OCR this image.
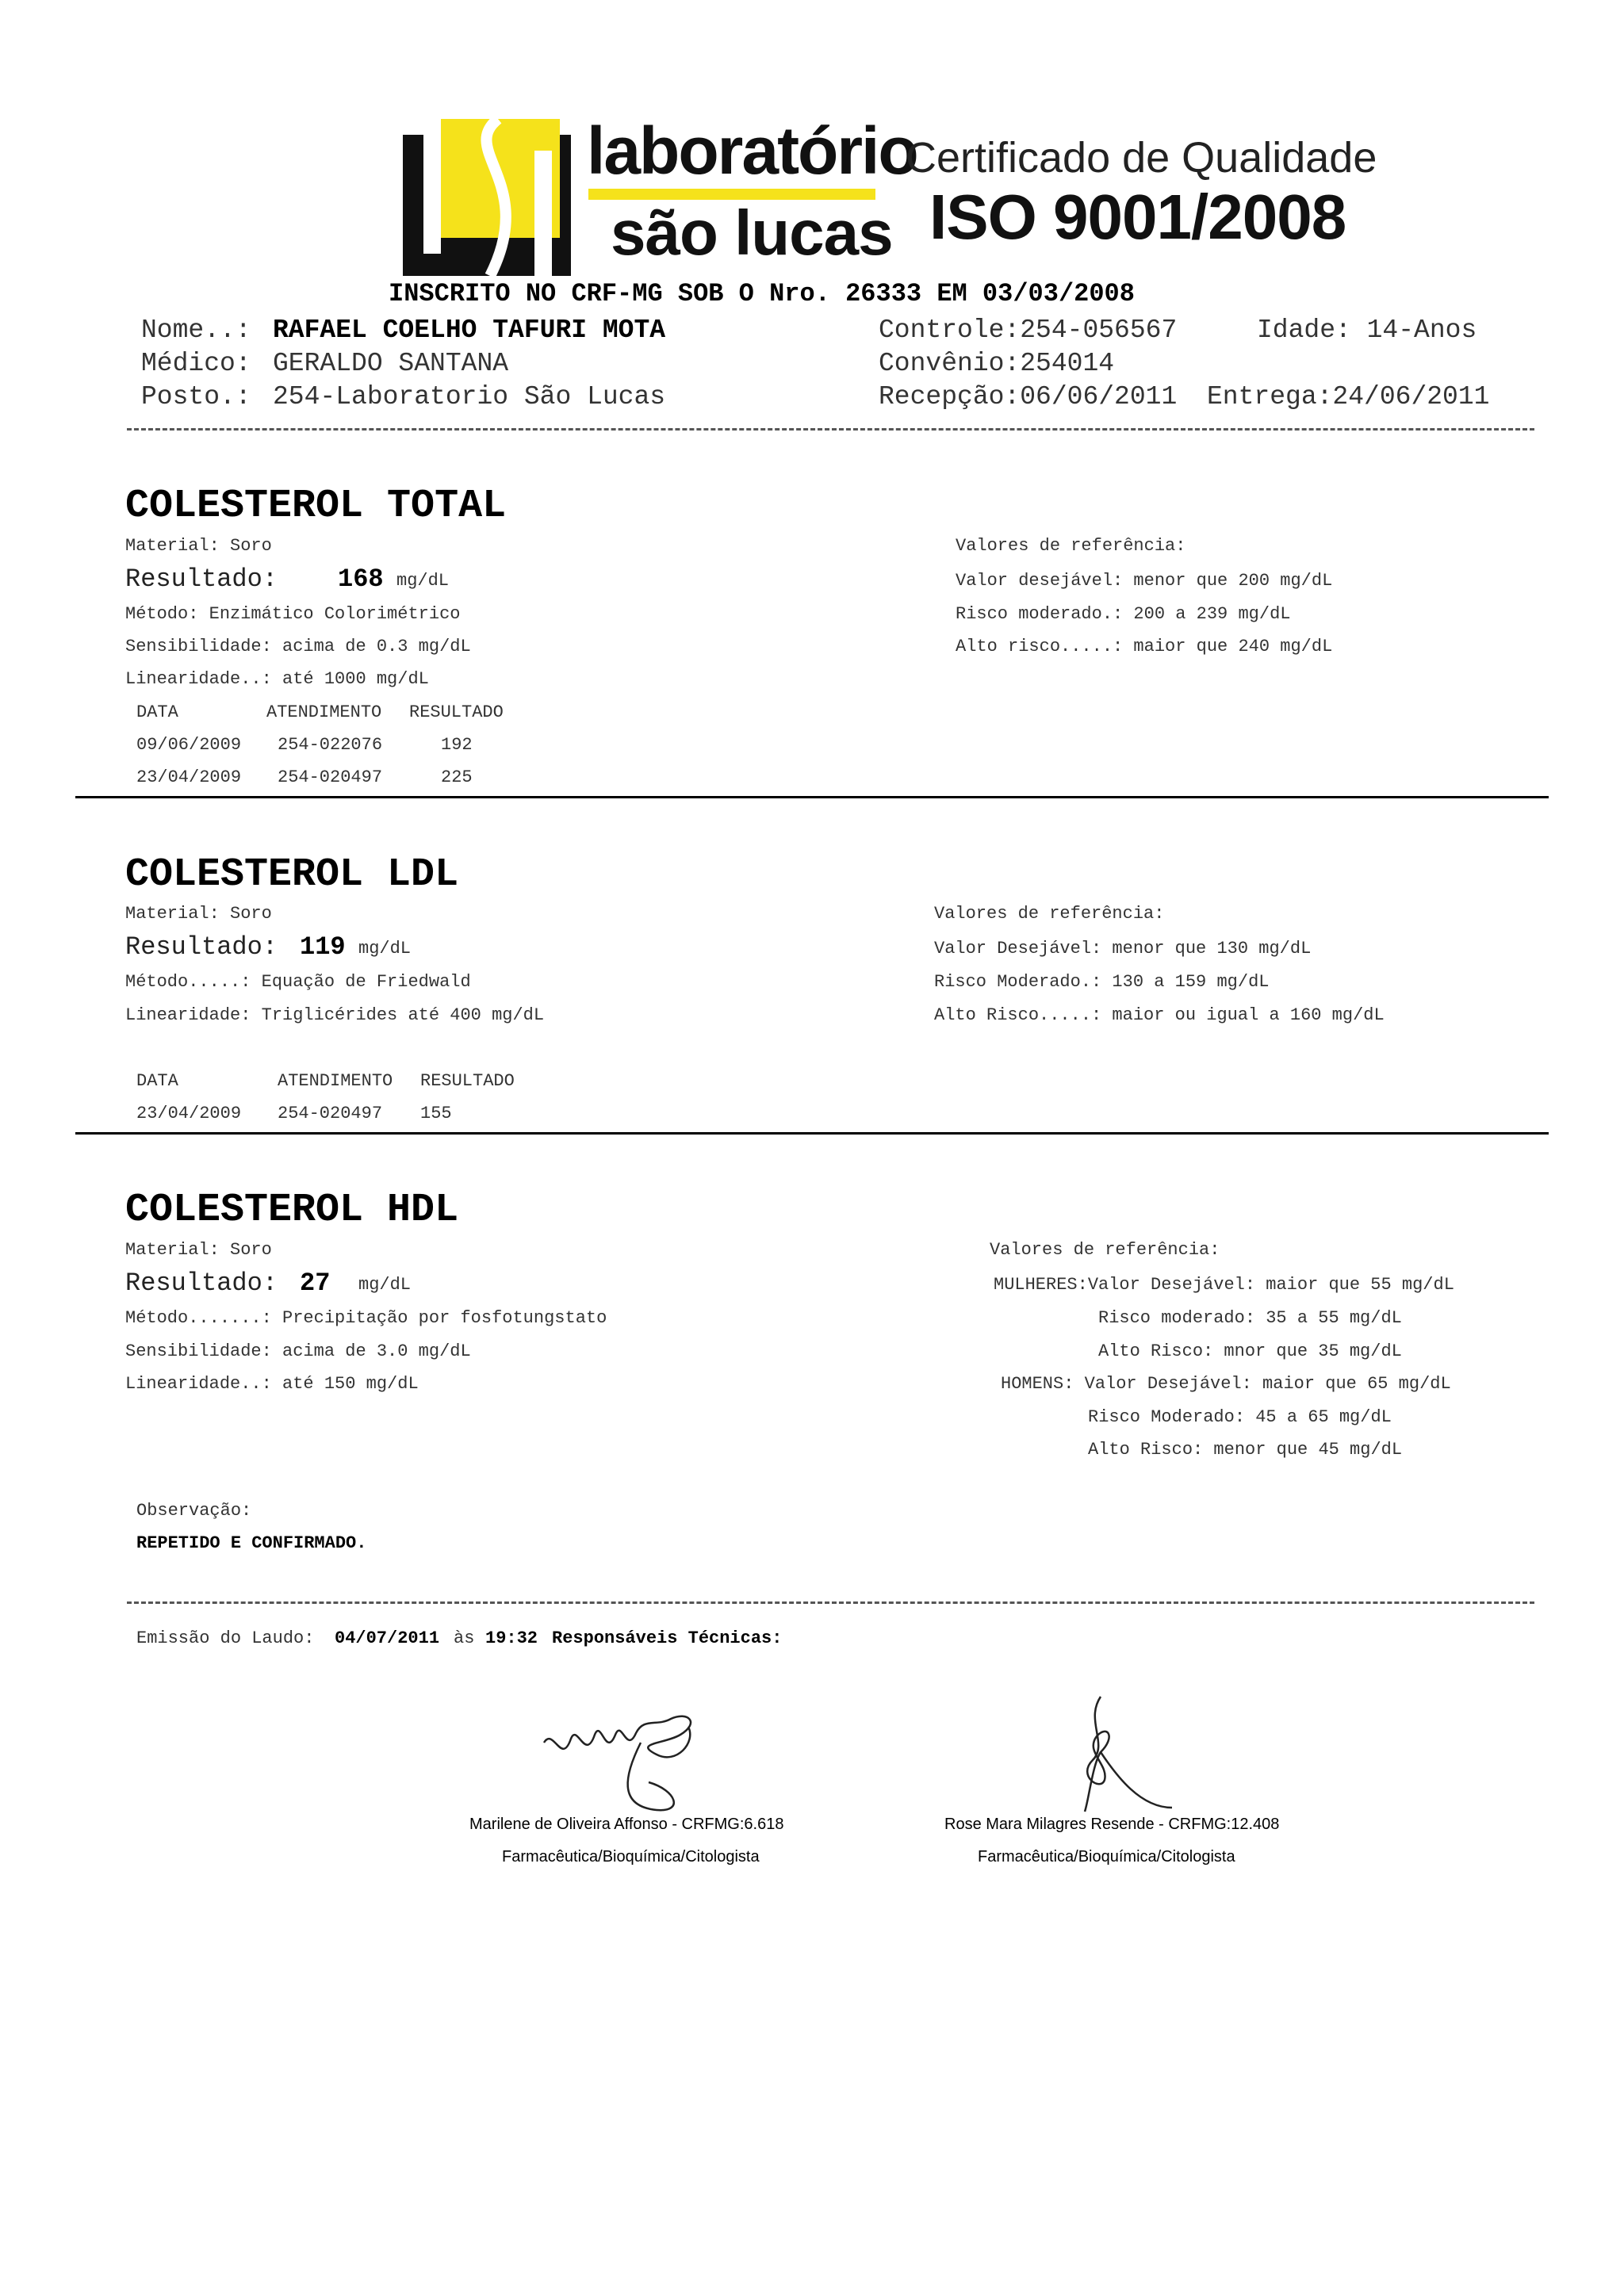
laboratório
são lucas
Certificado de Qualidade
ISO 9001/2008
INSCRITO NO CRF-MG SOB O Nro. 26333 EM 03/03/2008
Nome..: RAFAEL COELHO TAFURI MOTA
Médico: GERALDO SANTANA
Posto.: 254-Laboratorio São Lucas
Controle:254-056567	Idade: 14-Anos
Convênio:254014
Recepção:06/06/2011 Entrega:24/06/2011
COLESTEROL TOTAL
Material: Soro
Resultado: 168 mg/dL
Método: Enzimático Colorimétrico
Sensibilidade: acima de 0.3 mg/dL
Linearidade..: até 1000 mg/dL
DATA	ATENDIMENTO RESULTADO
09/06/2009 254-022076	192
23/04/2009 254-020497	225
Valores de referência:
Valor desejável: menor que 200 mg/dL
Risco moderado.: 200 a 239 mg/dL
Alto risco.....: maior que 240 mg/dL
COLESTEROL LDL
Material: Soro
Resultado: 119 mg/dL
Método.....: Equação de Friedwald
Linearidade: Triglicérides até 400 mg/dL
DATA	ATENDIMENTO RESULTADO
23/04/2009 254-020497 155
Valores de referência:
Valor Desejável: menor que 130 mg/dL
Risco Moderado.: 130 a 159 mg/dL
Alto Risco.....: maior ou igual a 160 mg/dL
COLESTEROL HDL
Material: Soro
Resultado: 27 mg/dL
Método.......: Precipitação por fosfotungstato
Sensibilidade: acima de 3.0 mg/dL
Linearidade..: até 150 mg/dL
Valores de referência:
MULHERES:Valor Desejável: maior que 55 mg/dL
Risco moderado: 35 a 55 mg/dL
Alto Risco: mnor que 35 mg/dL
HOMENS: Valor Desejável: maior que 65 mg/dL
Risco Moderado: 45 a 65 mg/dL
Alto Risco: menor que 45 mg/dL
Observação:
REPETIDO E CONFIRMADO.
Emissão do Laudo: 04/07/2011 às 19:32 Responsáveis Técnicas:

Marilene de Oliveira Affonso - CRFMG:6.618
Farmacêutica/Bioquímica/Citologista
Rose Mara Milagres Resende - CRFMG:12.408
Farmacêutica/Bioquímica/Citologista
